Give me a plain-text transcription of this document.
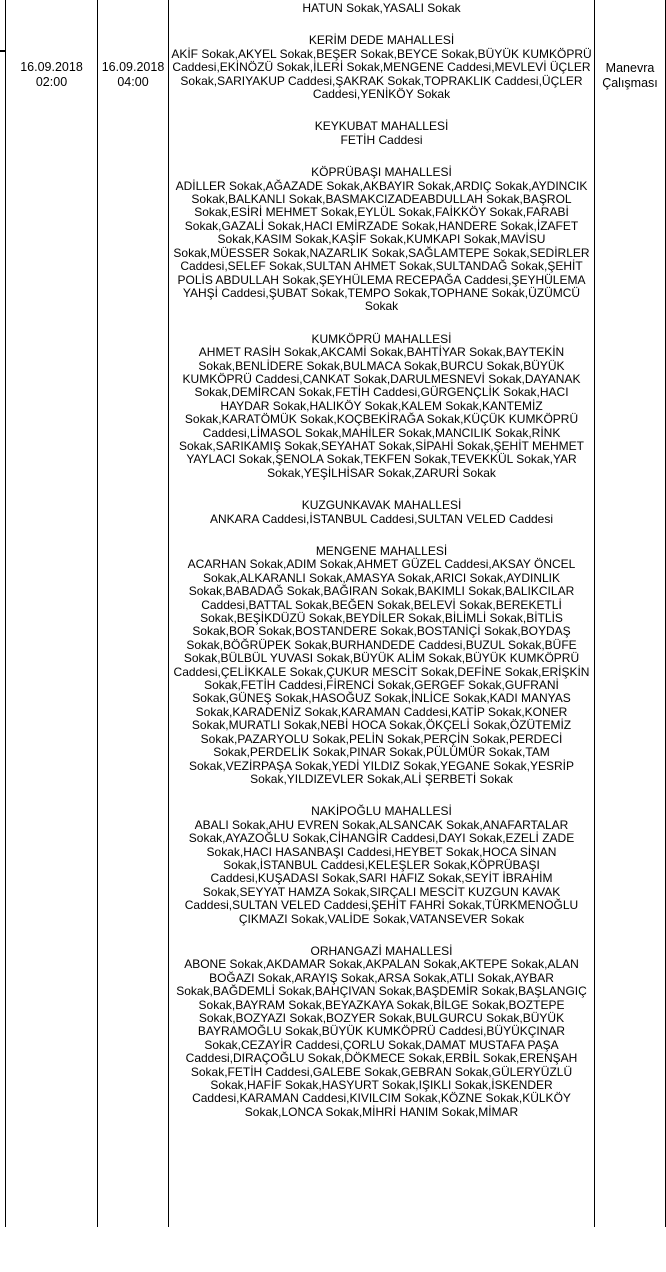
16.09.2018
02:00
16.09.2018
04:00
HATUN Sokak,YASALI Sokak
KERİM DEDE MAHALLESİ
AKİF Sokak,AKYEL Sokak,BEŞER Sokak,BEYCE Sokak,BÜYÜK KUMKÖPRÜ Caddesi,EKİNÖZÜ Sokak,İLERİ Sokak,MENGENE Caddesi,MEVLEVİ ÜÇLER Sokak,SARIYAKUP Caddesi,ŞAKRAK Sokak,TOPRAKLIK Caddesi,ÜÇLER Caddesi,YENİKÖY Sokak
KEYKUBAT MAHALLESİ
FETİH Caddesi
KÖPRÜBAŞI MAHALLESİ
ADİLLER Sokak,AĞAZADE Sokak,AKBAYIR Sokak,ARDIÇ Sokak,AYDINCIK Sokak,BALKANLI Sokak,BASMAKCIZADEABDULLAH Sokak,BAŞROL Sokak,ESİRİ MEHMET Sokak,EYLÜL Sokak,FAİKKÖY Sokak,FARABİ Sokak,GAZALİ Sokak,HACI EMİRZADE Sokak,HANDERE Sokak,İZAFET Sokak,KASIM Sokak,KAŞİF Sokak,KUMKAPI Sokak,MAVİSU Sokak,MÜESSER Sokak,NAZARLIK Sokak,SAĞLAMTEPE Sokak,SEDİRLER Caddesi,SELEF Sokak,SULTAN AHMET Sokak,SULTANDAĞ Sokak,ŞEHİT POLİS ABDULLAH Sokak,ŞEYHÜLEMA RECEPAĞA Caddesi,ŞEYHÜLEMA YAHŞİ Caddesi,ŞUBAT Sokak,TEMPO Sokak,TOPHANE Sokak,ÜZÜMCÜ Sokak
KUMKÖPRÜ MAHALLESİ
AHMET RASİH Sokak,AKCAMİ Sokak,BAHTİYAR Sokak,BAYTEKİN Sokak,BENLİDERE Sokak,BULMACA Sokak,BURCU Sokak,BÜYÜK KUMKÖPRÜ Caddesi,CANKAT Sokak,DARULMESNEVİ Sokak,DAYANAK Sokak,DEMİRCAN Sokak,FETİH Caddesi,GÜRGENÇLİK Sokak,HACI HAYDAR Sokak,HALIKÖY Sokak,KALEM Sokak,KANTEMİZ Sokak,KARATÖMÜK Sokak,KOÇBEKİRAĞA Sokak,KÜÇÜK KUMKÖPRÜ Caddesi,LİMASOL Sokak,MAHİLER Sokak,MANCILIK Sokak,RİNK Sokak,SARIKAMIŞ Sokak,SEYAHAT Sokak,SİPAHİ Sokak,ŞEHİT MEHMET YAYLACI Sokak,ŞENOLA Sokak,TEKFEN Sokak,TEVEKKÜL Sokak,YAR Sokak,YEŞİLHİSAR Sokak,ZARURİ Sokak
KUZGUNKAVAK MAHALLESİ
ANKARA Caddesi,İSTANBUL Caddesi,SULTAN VELED Caddesi
MENGENE MAHALLESİ
ACARHAN Sokak,ADIM Sokak,AHMET GÜZEL Caddesi,AKSAY ÖNCEL Sokak,ALKARANLI Sokak,AMASYA Sokak,ARICI Sokak,AYDINLIK Sokak,BABADAĞ Sokak,BAĞIRAN Sokak,BAKIMLI Sokak,BALIKCILAR Caddesi,BATTAL Sokak,BEĞEN Sokak,BELEVİ Sokak,BEREKETLİ Sokak,BEŞİKDÜZÜ Sokak,BEYDİLER Sokak,BİLİMLİ Sokak,BİTLİS Sokak,BOR Sokak,BOSTANDERE Sokak,BOSTANİÇİ Sokak,BOYDAŞ Sokak,BÖĞRÜPEK Sokak,BURHANDEDE Caddesi,BUZUL Sokak,BÜFE Sokak,BÜLBÜL YUVASI Sokak,BÜYÜK ALİM Sokak,BÜYÜK KUMKÖPRÜ Caddesi,ÇELİKKALE Sokak,ÇUKUR MESCİT Sokak,DEFİNE Sokak,ERİŞKİN Sokak,FETİH Caddesi,FİRENCİ Sokak,GERGEF Sokak,GUFRANİ Sokak,GÜNEŞ Sokak,HASOĞUZ Sokak,İNLİCE Sokak,KADI MANYAS Sokak,KARADENİZ Sokak,KARAMAN Caddesi,KATİP Sokak,KONER Sokak,MURATLI Sokak,NEBİ HOCA Sokak,ÖKÇELİ Sokak,ÖZÜTEMİZ Sokak,PAZARYOLU Sokak,PELİN Sokak,PERÇİN Sokak,PERDECİ Sokak,PERDELİK Sokak,PINAR Sokak,PÜLÜMÜR Sokak,TAM Sokak,VEZİRPAŞA Sokak,YEDİ YILDIZ Sokak,YEGANE Sokak,YESRİP Sokak,YILDIZEVLER Sokak,ALİ ŞERBETİ Sokak
NAKİPOĞLU MAHALLESİ
ABALI Sokak,AHU EVREN Sokak,ALSANCAK Sokak,ANAFARTALAR Sokak,AYAZOĞLU Sokak,CİHANGİR Caddesi,DAYI Sokak,EZELİ ZADE Sokak,HACI HASANBAŞI Caddesi,HEYBET Sokak,HOCA SİNAN Sokak,İSTANBUL Caddesi,KELEŞLER Sokak,KÖPRÜBAŞI Caddesi,KUŞADASI Sokak,SARI HAFIZ Sokak,SEYİT İBRAHİM Sokak,SEYYAT HAMZA Sokak,SIRÇALI MESCİT KUZGUN KAVAK Caddesi,SULTAN VELED Caddesi,ŞEHİT FAHRİ Sokak,TÜRKMENOĞLU ÇIKMAZI Sokak,VALİDE Sokak,VATANSEVER Sokak
ORHANGAZİ MAHALLESİ
ABONE Sokak,AKDAMAR Sokak,AKPALAN Sokak,AKTEPE Sokak,ALAN BOĞAZI Sokak,ARAYIŞ Sokak,ARSA Sokak,ATLI Sokak,AYBAR Sokak,BAĞDEMLİ Sokak,BAHÇIVAN Sokak,BAŞDEMİR Sokak,BAŞLANGIÇ Sokak,BAYRAM Sokak,BEYAZKAYA Sokak,BİLGE Sokak,BOZTEPE Sokak,BOZYAZI Sokak,BOZYER Sokak,BULGURCU Sokak,BÜYÜK BAYRAMOĞLU Sokak,BÜYÜK KUMKÖPRÜ Caddesi,BÜYÜKÇINAR Sokak,CEZAYİR Caddesi,ÇORLU Sokak,DAMAT MUSTAFA PAŞA Caddesi,DIRAÇOĞLU Sokak,DÖKMECE Sokak,ERBİL Sokak,ERENŞAH Sokak,FETİH Caddesi,GALEBE Sokak,GEBRAN Sokak,GÜLERYÜZLÜ Sokak,HAFİF Sokak,HASYURT Sokak,IŞIKLI Sokak,İSKENDER Caddesi,KARAMAN Caddesi,KIVILCIM Sokak,KÖZNE Sokak,KÜLKÖY Sokak,LONCA Sokak,MİHRİ HANIM Sokak,MİMAR
Manevra Çalışması
